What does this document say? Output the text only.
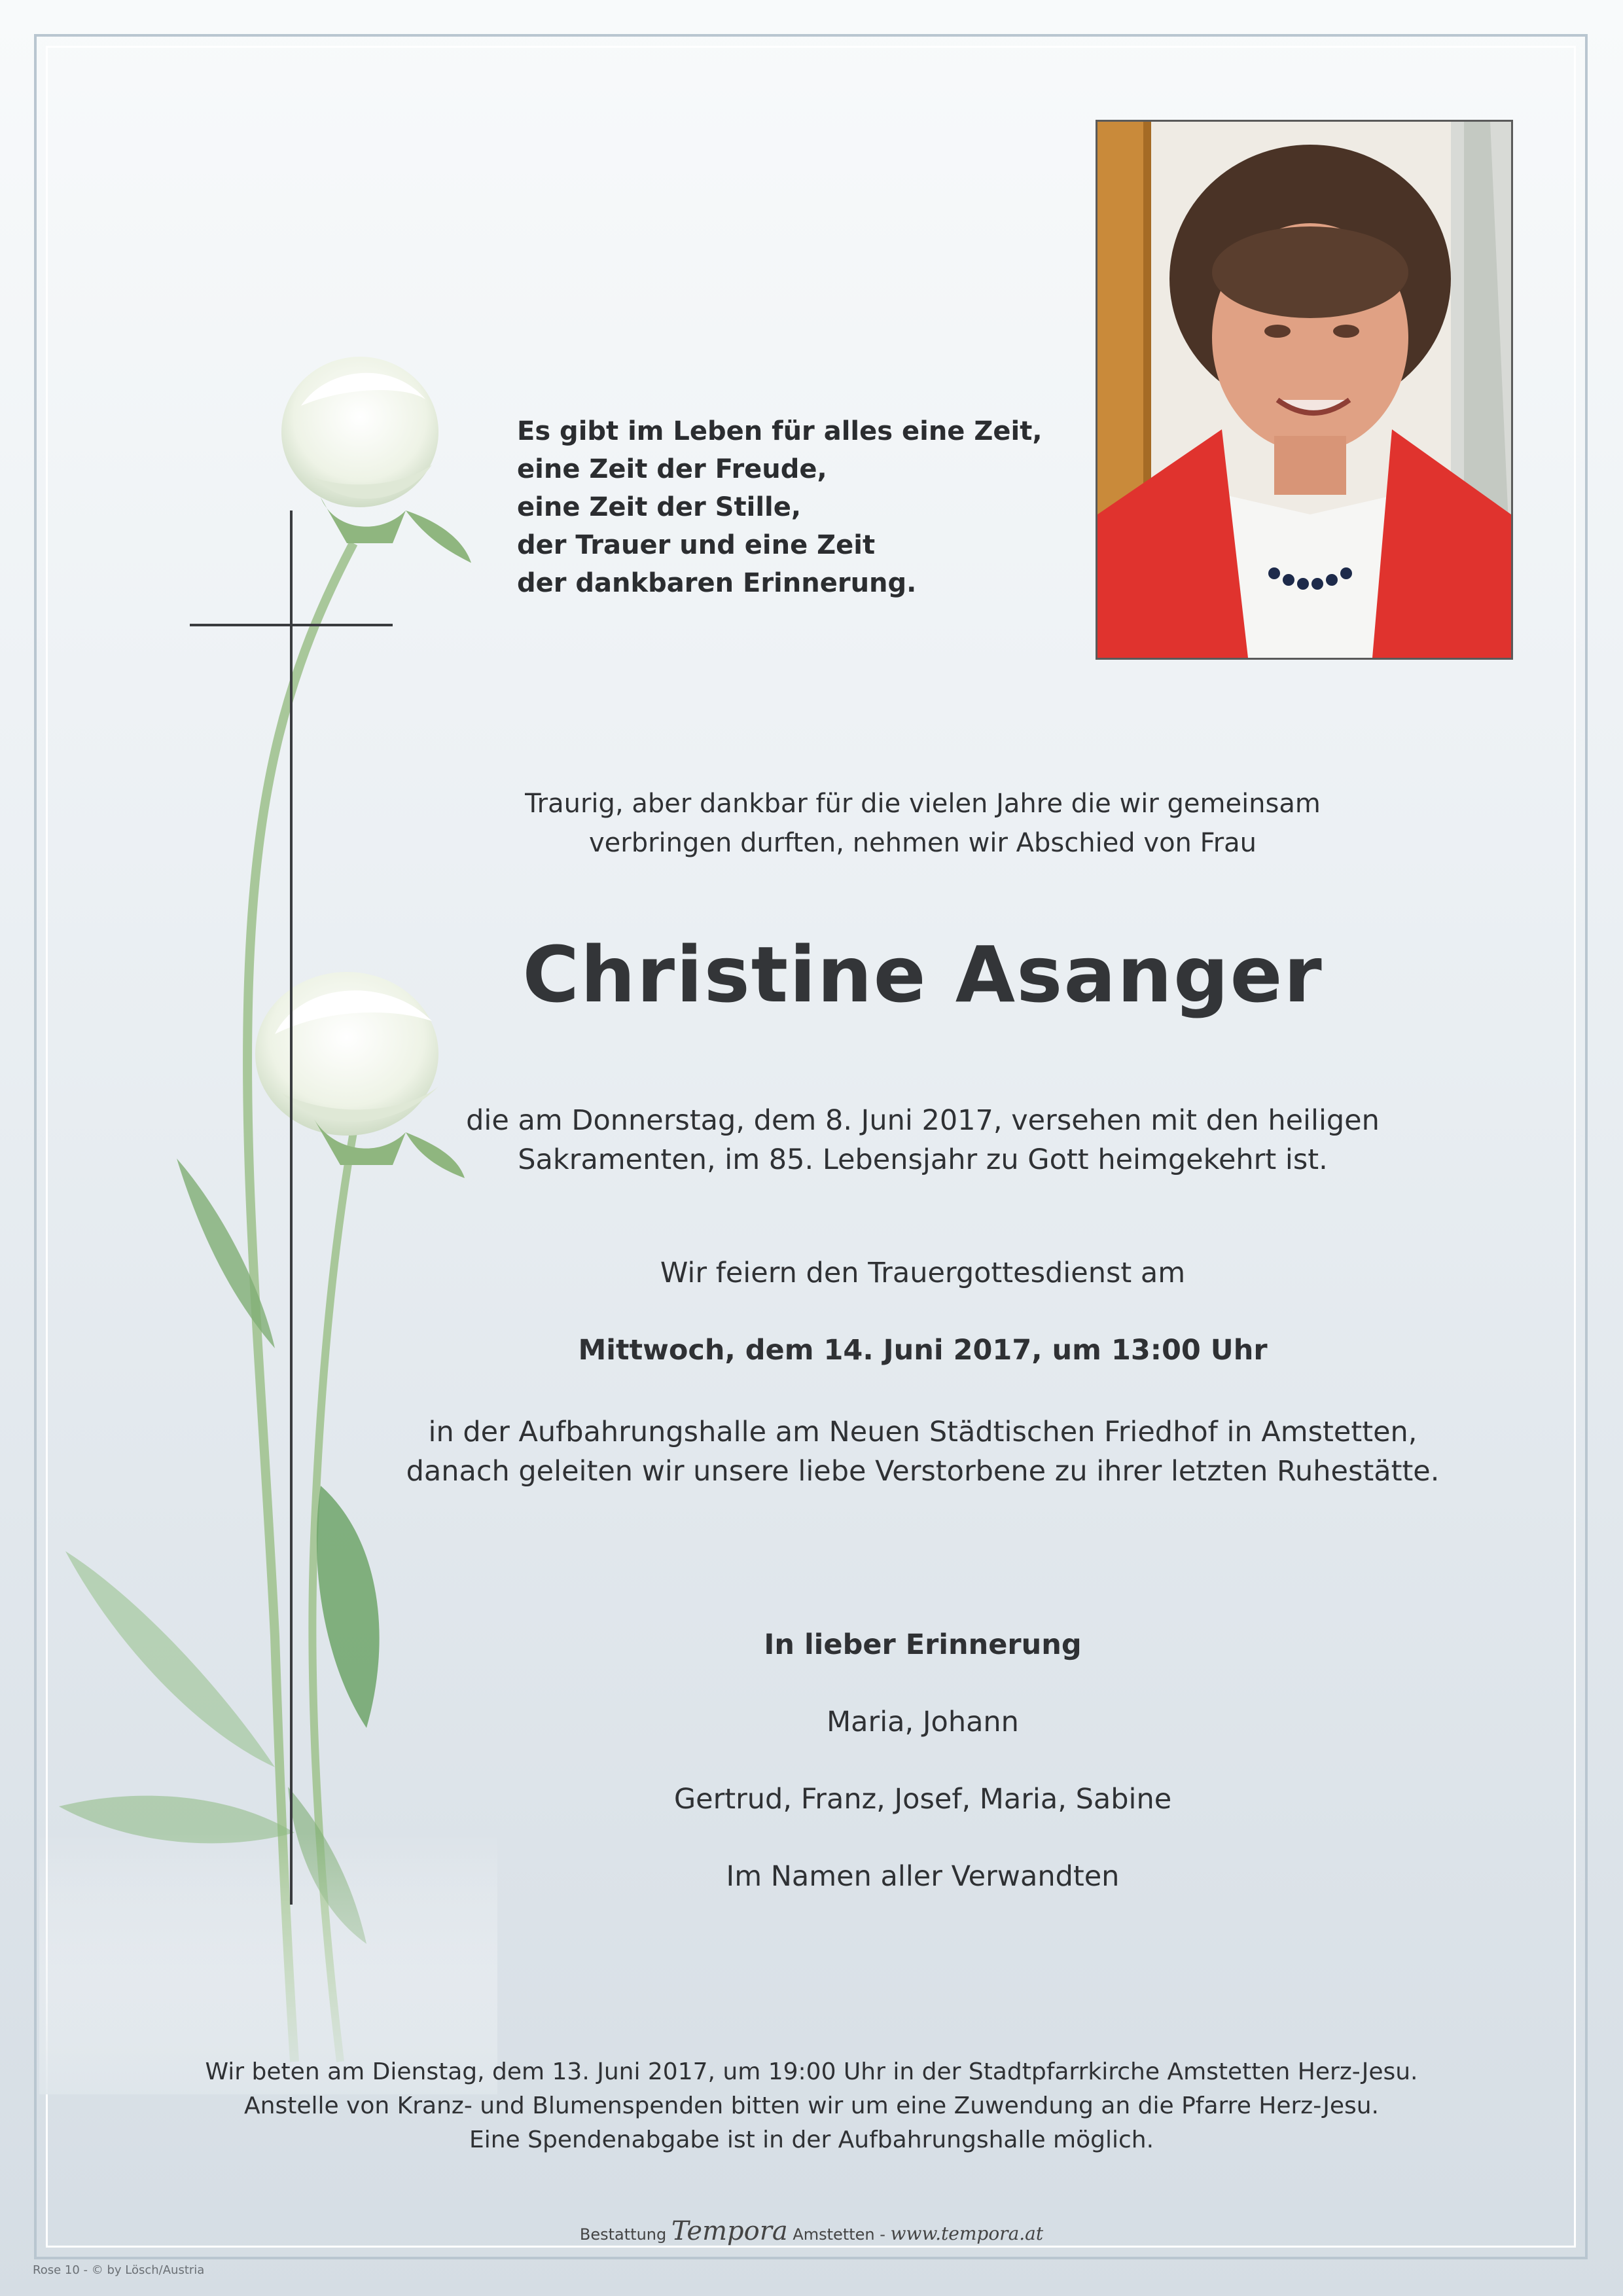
Es gibt im Leben für alles eine Zeit,
eine Zeit der Freude,
eine Zeit der Stille,
der Trauer und eine Zeit
der dankbaren Erinnerung.
Traurig, aber dankbar für die vielen Jahre die wir gemeinsam
verbringen durften, nehmen wir Abschied von Frau
Christine Asanger
die am Donnerstag, dem 8. Juni 2017, versehen mit den heiligen
Sakramenten, im 85. Lebensjahr zu Gott heimgekehrt ist.
Wir feiern den Trauergottesdienst am
Mittwoch, dem 14. Juni 2017, um 13:00 Uhr
in der Aufbahrungshalle am Neuen Städtischen Friedhof in Amstetten,
danach geleiten wir unsere liebe Verstorbene zu ihrer letzten Ruhestätte.
In lieber Erinnerung
Maria, Johann
Gertrud, Franz, Josef, Maria, Sabine
Im Namen aller Verwandten
Wir beten am Dienstag, dem 13. Juni 2017, um 19:00 Uhr in der Stadtpfarrkirche Amstetten Herz-Jesu.
Anstelle von Kranz- und Blumenspenden bitten wir um eine Zuwendung an die Pfarre Herz-Jesu.
Eine Spendenabgabe ist in der Aufbahrungshalle möglich.
Bestattung Tempora Amstetten - www.tempora.at
Rose 10 - © by Lösch/Austria
